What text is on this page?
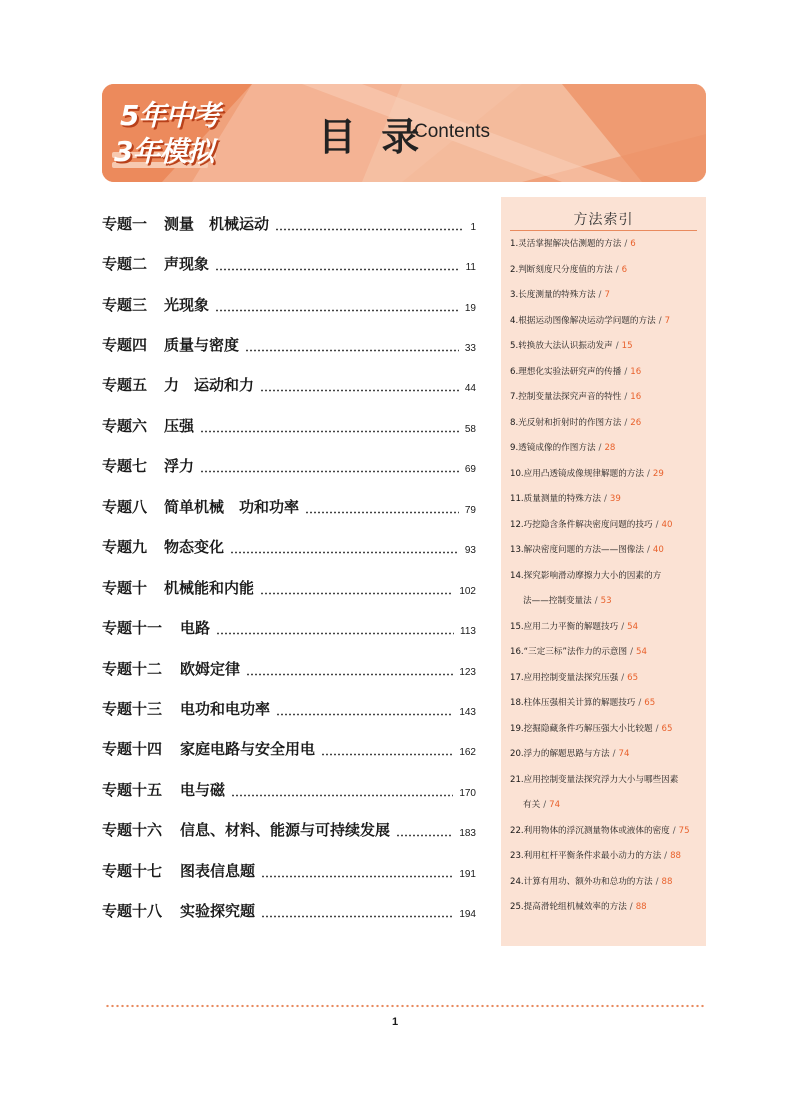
5年中考
3年模拟	目 录
Contents
专题一	测量　机械运动	1
专题二	声现象	11
专题三	光现象	19
专题四	质量与密度	33
专题五	力　运动和力	44
专题六	压强	58
专题七	浮力	69
专题八	简单机械　功和功率	79
专题九	物态变化	93
专题十	机械能和内能	102
专题十一	电路	113
专题十二	欧姆定律	123
专题十三	电功和电功率	143
专题十四	家庭电路与安全用电	162
专题十五	电与磁	170
专题十六	信息、材料、能源与可持续发展	183
专题十七	图表信息题	191
专题十八	实验探究题	194
方法索引
1.灵活掌握解决估测题的方法 / 6
2.判断刻度尺分度值的方法 / 6
3.长度测量的特殊方法 / 7
4.根据运动图像解决运动学问题的方法 / 7
5.转换放大法认识振动发声 / 15
6.理想化实验法研究声的传播 / 16
7.控制变量法探究声音的特性 / 16
8.光反射和折射时的作图方法 / 26
9.透镜成像的作图方法 / 28
10.应用凸透镜成像规律解题的方法 / 29
11.质量测量的特殊方法 / 39
12.巧挖隐含条件解决密度问题的技巧 / 40
13.解决密度问题的方法——图像法 / 40
14.探究影响滑动摩擦力大小的因素的方
法——控制变量法 / 53
15.应用二力平衡的解题技巧 / 54
16.“三定三标”法作力的示意图 / 54
17.应用控制变量法探究压强 / 65
18.柱体压强相关计算的解题技巧 / 65
19.挖掘隐藏条件巧解压强大小比较题 / 65
20.浮力的解题思路与方法 / 74
21.应用控制变量法探究浮力大小与哪些因素
有关 / 74
22.利用物体的浮沉测量物体或液体的密度 / 75
23.利用杠杆平衡条件求最小动力的方法 / 88
24.计算有用功、额外功和总功的方法 / 88
25.提高滑轮组机械效率的方法 / 88
1
